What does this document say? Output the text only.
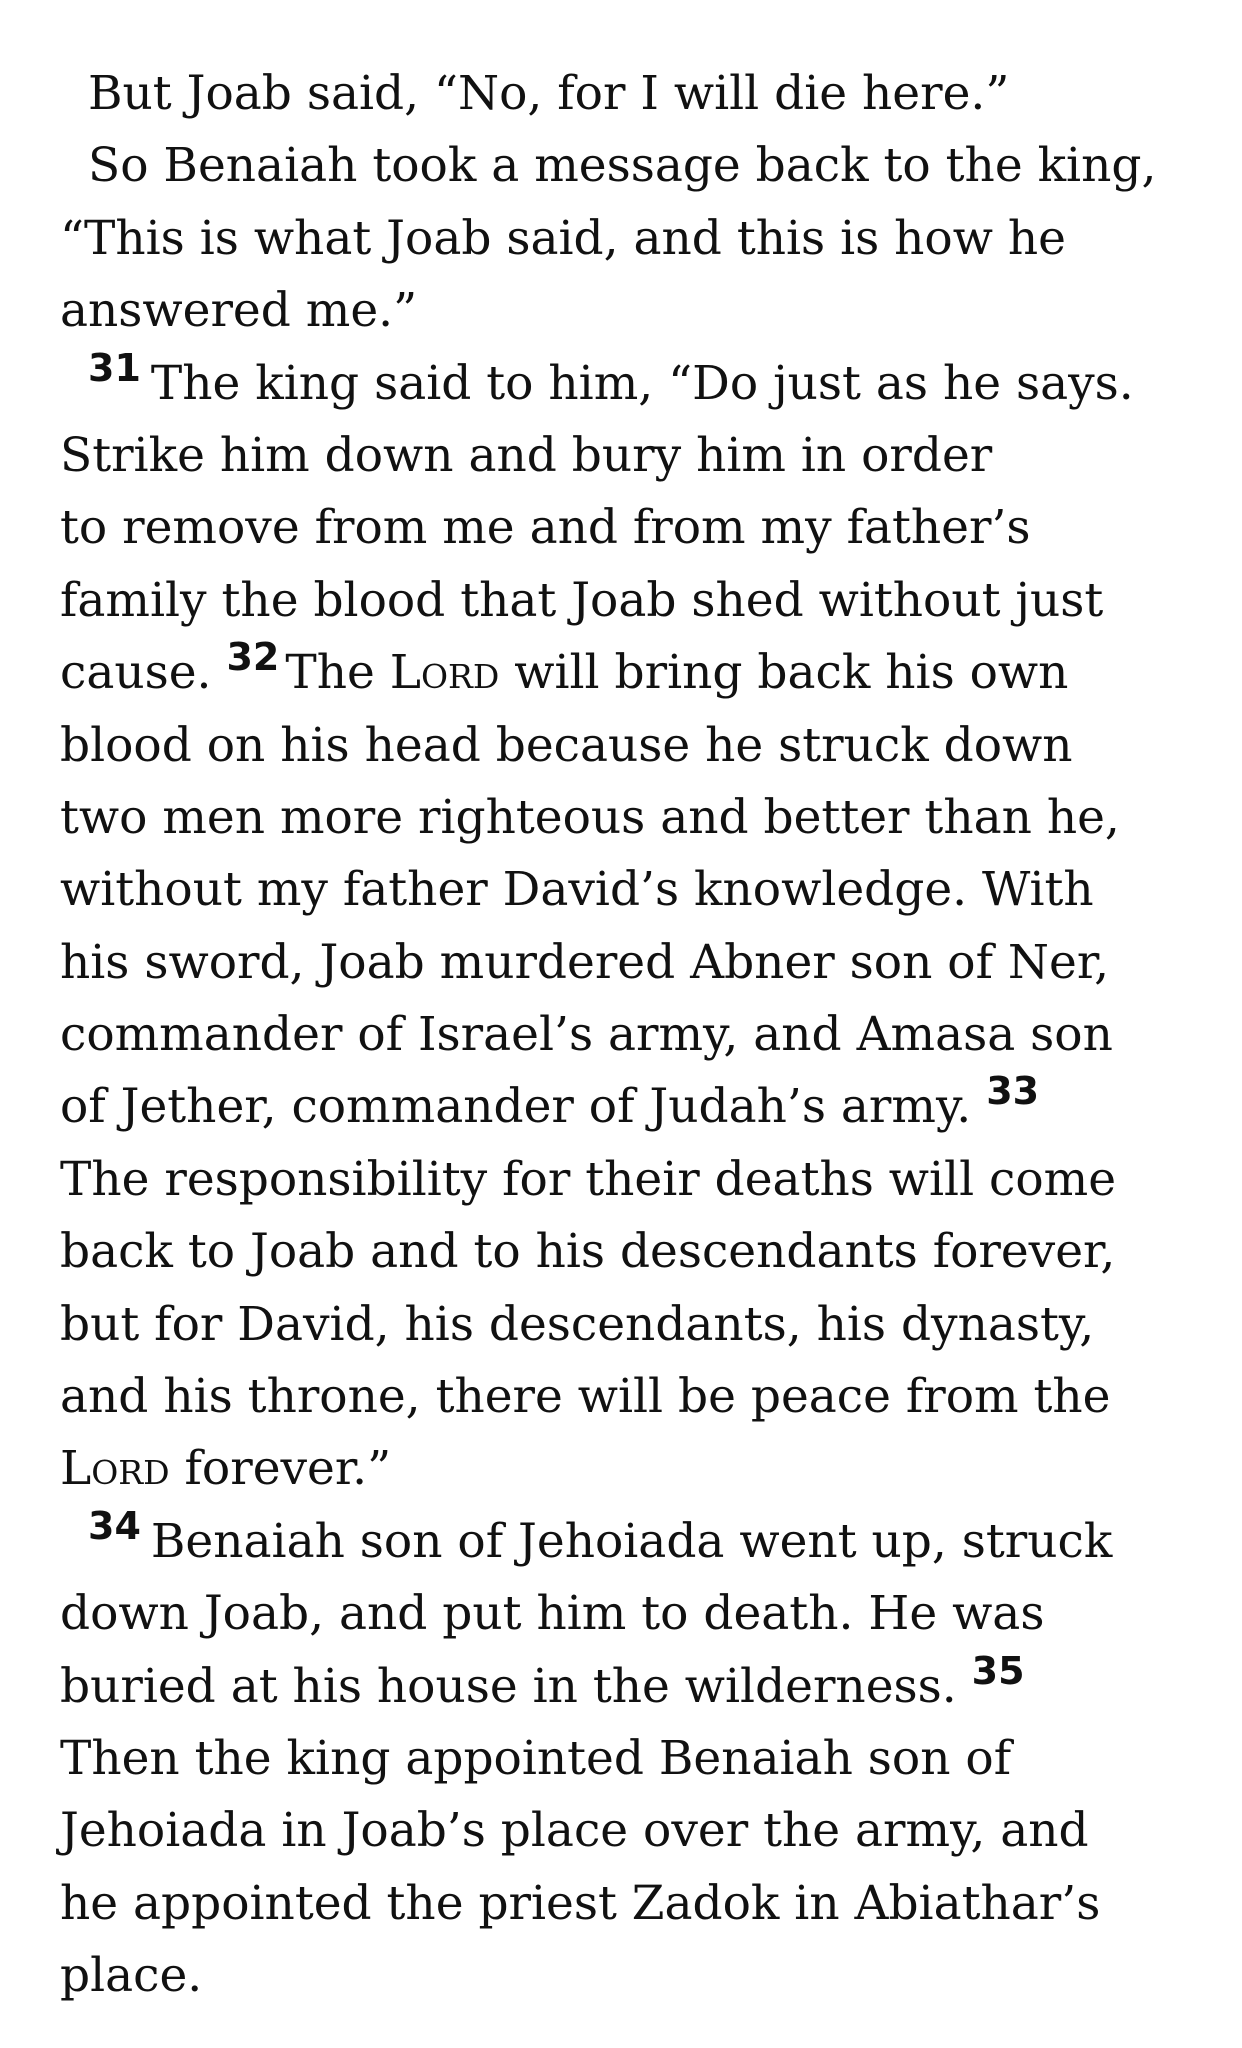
But Joab said, “No, for I will die here.”
So Benaiah took a message back to the king,
“This is what Joab said, and this is how he
answered me.”
$^{31}$ The king said to him, “Do just as he says.
Strike him down and bury him in order
to remove from me and from my father’s
family the blood that Joab shed without just
cause. $^{32}$ The Lord will bring back his own
blood on his head because he struck down
two men more righteous and better than he,
without my father David’s knowledge. With
his sword, Joab murdered Abner son of Ner,
commander of Israel’s army, and Amasa son
of Jether, commander of Judah’s army. $^{33}$
The responsibility for their deaths will come
back to Joab and to his descendants forever,
but for David, his descendants, his dynasty,
and his throne, there will be peace from the
Lord forever.”
$^{34}$ Benaiah son of Jehoiada went up, struck
down Joab, and put him to death. He was
buried at his house in the wilderness. $^{35}$
Then the king appointed Benaiah son of
Jehoiada in Joab’s place over the army, and
he appointed the priest Zadok in Abiathar’s
place.
